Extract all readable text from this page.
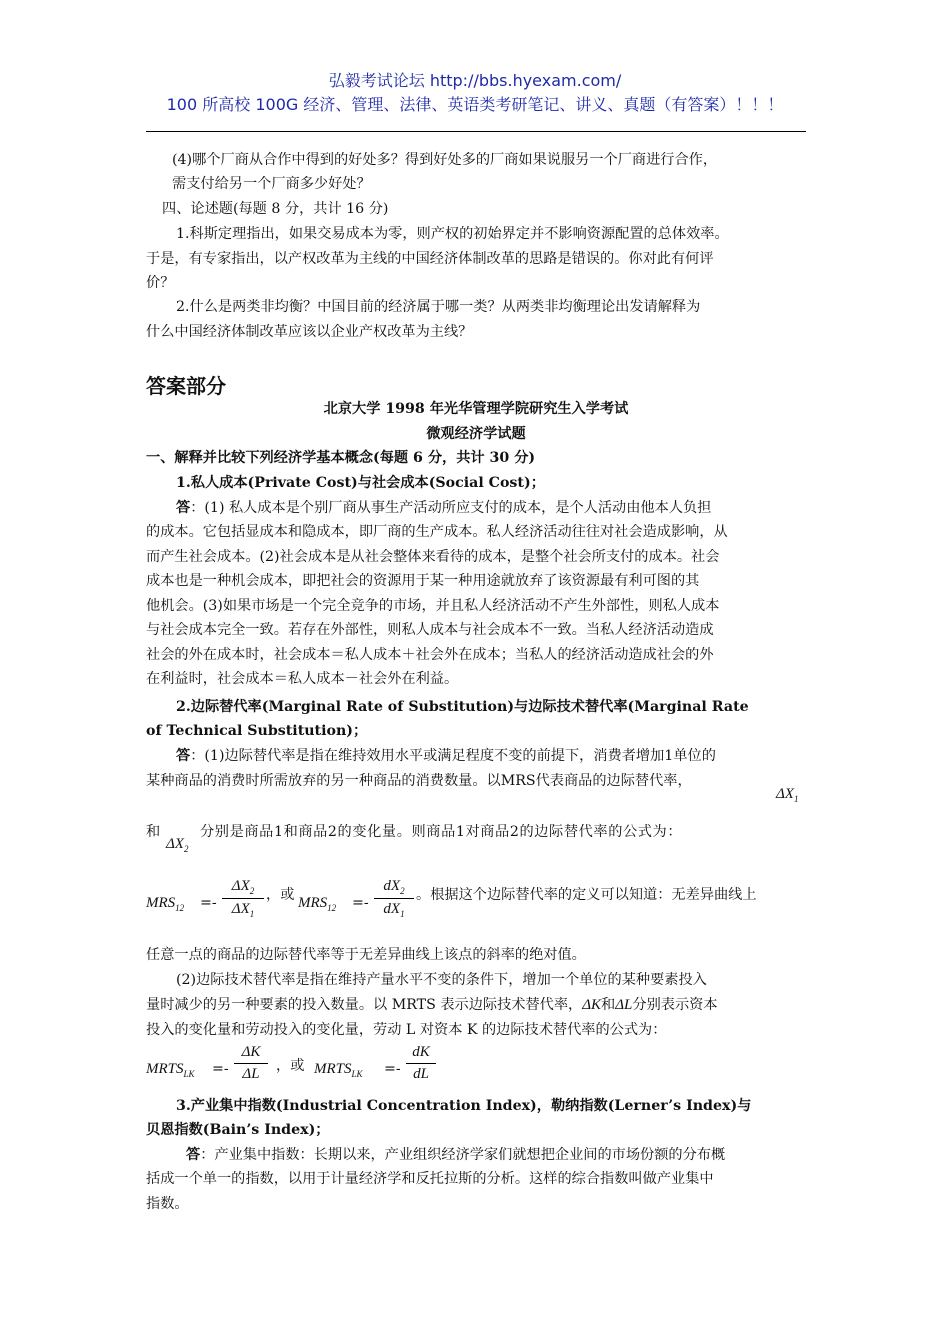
弘毅考试论坛 http://bbs.hyexam.com/
100 所高校 100G 经济、管理、法律、英语类考研笔记、讲义、真题（有答案）！！！
(4)哪个厂商从合作中得到的好处多？得到好处多的厂商如果说服另一个厂商进行合作，
需支付给另一个厂商多少好处？
四、论述题(每题 8 分，共计 16 分)
1.科斯定理指出，如果交易成本为零，则产权的初始界定并不影响资源配置的总体效率。
于是，有专家指出，以产权改革为主线的中国经济体制改革的思路是错误的。你对此有何评
价？
2.什么是两类非均衡？中国目前的经济属于哪一类？从两类非均衡理论出发请解释为
什么中国经济体制改革应该以企业产权改革为主线？
答案部分
北京大学 1998 年光华管理学院研究生入学考试
微观经济学试题
一、解释并比较下列经济学基本概念(每题 6 分，共计 30 分)
1.私人成本(Private Cost)与社会成本(Social Cost)；
答：(1) 私人成本是个别厂商从事生产活动所应支付的成本，是个人活动由他本人负担
的成本。它包括显成本和隐成本，即厂商的生产成本。私人经济活动往往对社会造成影响，从
而产生社会成本。(2)社会成本是从社会整体来看待的成本，是整个社会所支付的成本。社会
成本也是一种机会成本，即把社会的资源用于某一种用途就放弃了该资源最有利可图的其
他机会。(3)如果市场是一个完全竞争的市场，并且私人经济活动不产生外部性，则私人成本
与社会成本完全一致。若存在外部性，则私人成本与社会成本不一致。当私人经济活动造成
社会的外在成本时，社会成本＝私人成本＋社会外在成本；当私人的经济活动造成社会的外
在利益时，社会成本＝私人成本－社会外在利益。
2.边际替代率(Marginal Rate of Substitution)与边际技术替代率(Marginal Rate
of Technical Substitution)；
答：(1)边际替代率是指在维持效用水平或满足程度不变的前提下，消费者增加1单位的
某种商品的消费时所需放弃的另一种商品的消费数量。以MRS代表商品的边际替代率，
$\Delta X_1$
和
$\Delta X_2$
分别是商品1和商品2的变化量。则商品1对商品2的边际替代率的公式为：
$MRS_{12} =- \frac{\Delta X_2}{\Delta X_1}$ ，或 $MRS_{12} =- \frac{dX_2}{dX_1}$ 。根据这个边际替代率的定义可以知道：无差异曲线上
任意一点的商品的边际替代率等于无差异曲线上该点的斜率的绝对值。
(2)边际技术替代率是指在维持产量水平不变的条件下，增加一个单位的某种要素投入
量时减少的另一种要素的投入数量。以 MRTS 表示边际技术替代率，ΔK和ΔL分别表示资本
投入的变化量和劳动投入的变化量，劳动 L 对资本 K 的边际技术替代率的公式为：
$MRTS_{LK} =- \frac{\Delta K}{\Delta L}$ ，或 $MRTS_{LK} =- \frac{dK}{dL}$
3.产业集中指数(Industrial Concentration Index)，勒纳指数(Lerner’s Index)与
贝恩指数(Bain’s Index)；
答：产业集中指数：长期以来，产业组织经济学家们就想把企业间的市场份额的分布概
括成一个单一的指数，以用于计量经济学和反托拉斯的分析。这样的综合指数叫做产业集中
指数。
